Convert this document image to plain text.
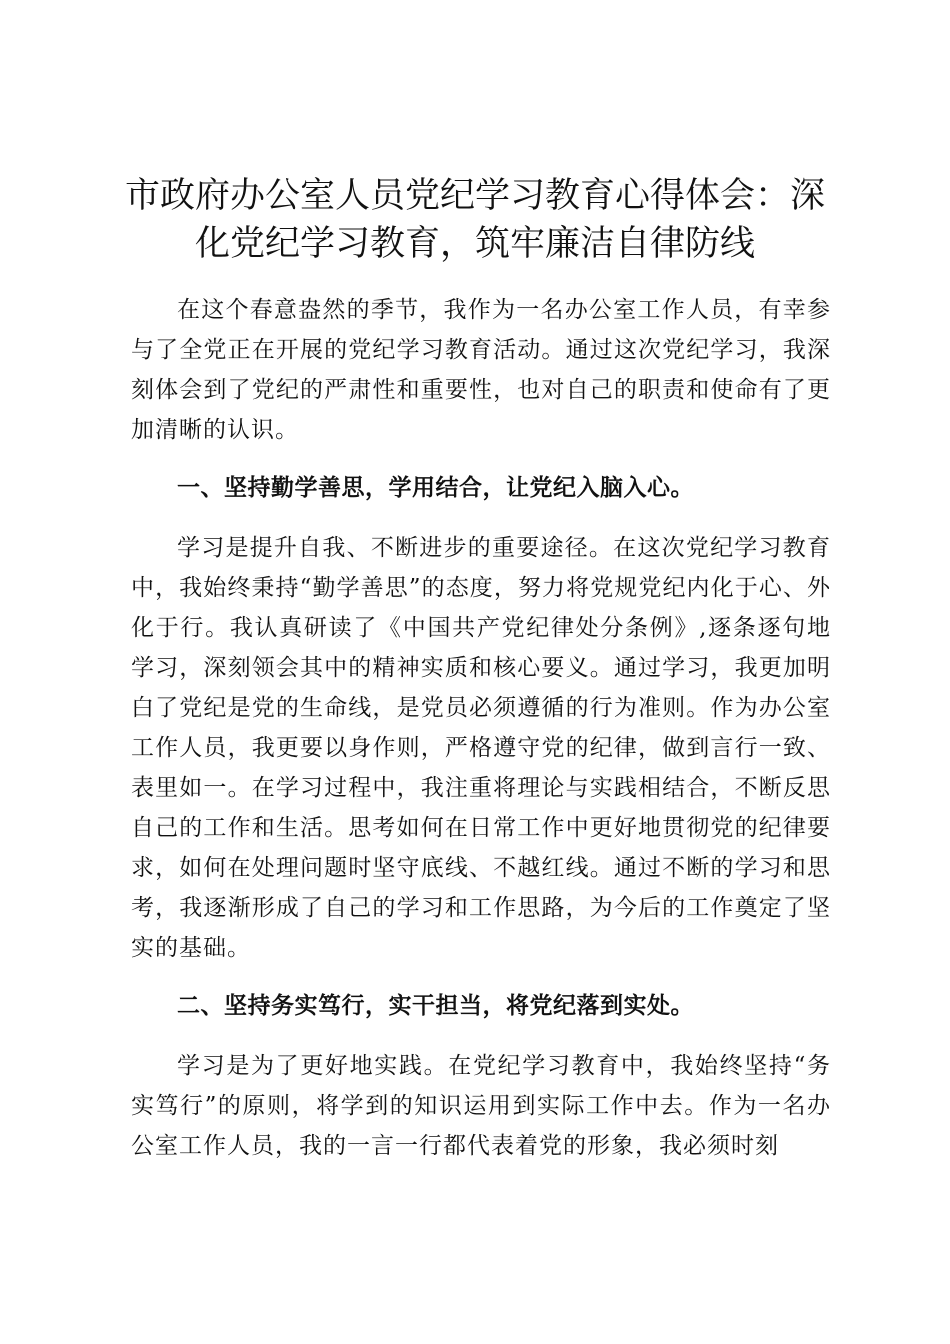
市政府办公室人员党纪学习教育心得体会：深
化党纪学习教育，筑牢廉洁自律防线

在这个春意盎然的季节，我作为一名办公室工作人员，有幸参与了全党正在开展的党纪学习教育活动。通过这次党纪学习，我深刻体会到了党纪的严肃性和重要性，也对自己的职责和使命有了更加清晰的认识。

一、坚持勤学善思，学用结合，让党纪入脑入心。

学习是提升自我、不断进步的重要途径。在这次党纪学习教育中，我始终秉持“勤学善思”的态度，努力将党规党纪内化于心、外化于行。我认真研读了《中国共产党纪律处分条例》,逐条逐句地学习，深刻领会其中的精神实质和核心要义。通过学习，我更加明白了党纪是党的生命线，是党员必须遵循的行为准则。作为办公室工作人员，我更要以身作则，严格遵守党的纪律，做到言行一致、表里如一。在学习过程中，我注重将理论与实践相结合，不断反思自己的工作和生活。思考如何在日常工作中更好地贯彻党的纪律要求，如何在处理问题时坚守底线、不越红线。通过不断的学习和思考，我逐渐形成了自己的学习和工作思路，为今后的工作奠定了坚实的基础。

二、坚持务实笃行，实干担当，将党纪落到实处。

学习是为了更好地实践。在党纪学习教育中，我始终坚持“务实笃行”的原则，将学到的知识运用到实际工作中去。作为一名办公室工作人员，我的一言一行都代表着党的形象，我必须时刻
